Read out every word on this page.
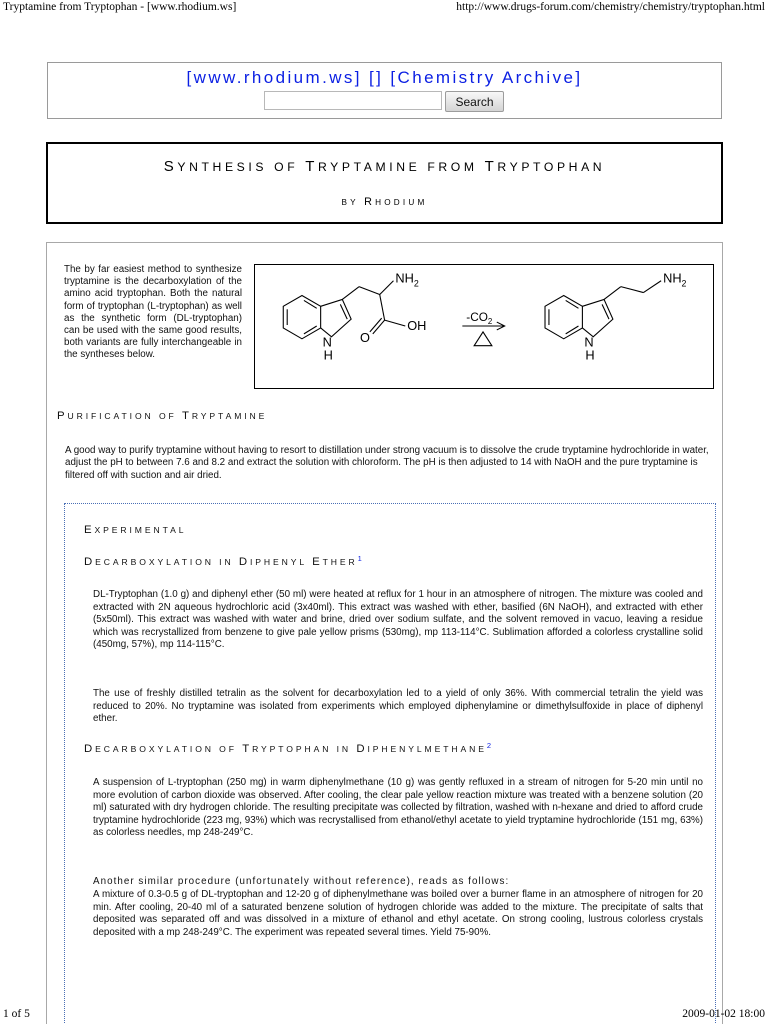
Tryptamine from Tryptophan - [www.rhodium.ws]	http://www.drugs-forum.com/chemistry/chemistry/tryptophan.html
[www.rhodium.ws] [] [Chemistry Archive]
Search
SYNTHESIS OF TRYPTAMINE FROM TRYPTOPHAN
BY RHODIUM
The by far easiest method to synthesize tryptamine is the decarboxylation of the amino acid tryptophan. Both the natural form of tryptophan (L-tryptophan) as well as the synthetic form (DL-tryptophan) can be used with the same good results, both variants are fully interchangeable in the syntheses below.
$NH_2$
OH
O
N
H
$-CO_2$
$NH_2$
N
H
PURIFICATION OF TRYPTAMINE
A good way to purify tryptamine without having to resort to distillation under strong vacuum is to dissolve the crude tryptamine hydrochloride in water, adjust the pH to between 7.6 and 8.2 and extract the solution with chloroform. The pH is then adjusted to 14 with NaOH and the pure tryptamine is filtered off with suction and air dried.
EXPERIMENTAL
DECARBOXYLATION IN DIPHENYL ETHER$^1$
DL-Tryptophan (1.0 g) and diphenyl ether (50 ml) were heated at reflux for 1 hour in an atmosphere of nitrogen. The mixture was cooled and extracted with 2N aqueous hydrochloric acid (3x40ml). This extract was washed with ether, basified (6N NaOH), and extracted with ether (5x50ml). This extract was washed with water and brine, dried over sodium sulfate, and the solvent removed in vacuo, leaving a residue which was recrystallized from benzene to give pale yellow prisms (530mg), mp 113-114°C. Sublimation afforded a colorless crystalline solid (450mg, 57%), mp 114-115°C.
The use of freshly distilled tetralin as the solvent for decarboxylation led to a yield of only 36%. With commercial tetralin the yield was reduced to 20%. No tryptamine was isolated from experiments which employed diphenylamine or dimethylsulfoxide in place of diphenyl ether.
DECARBOXYLATION OF TRYPTOPHAN IN DIPHENYLMETHANE$^2$
A suspension of L-tryptophan (250 mg) in warm diphenylmethane (10 g) was gently refluxed in a stream of nitrogen for 5-20 min until no more evolution of carbon dioxide was observed. After cooling, the clear pale yellow reaction mixture was treated with a benzene solution (20 ml) saturated with dry hydrogen chloride. The resulting precipitate was collected by filtration, washed with n-hexane and dried to afford crude tryptamine hydrochloride (223 mg, 93%) which was recrystallised from ethanol/ethyl acetate to yield tryptamine hydrochloride (151 mg, 63%) as colorless needles, mp 248-249°C.
Another similar procedure (unfortunately without reference), reads as follows:
A mixture of 0.3-0.5 g of DL-tryptophan and 12-20 g of diphenylmethane was boiled over a burner flame in an atmosphere of nitrogen for 20 min. After cooling, 20-40 ml of a saturated benzene solution of hydrogen chloride was added to the mixture. The precipitate of salts that deposited was separated off and was dissolved in a mixture of ethanol and ethyl acetate. On strong cooling, lustrous colorless crystals deposited with a mp 248-249°C. The experiment was repeated several times. Yield 75-90%.
1 of 5	2009-01-02 18:00
